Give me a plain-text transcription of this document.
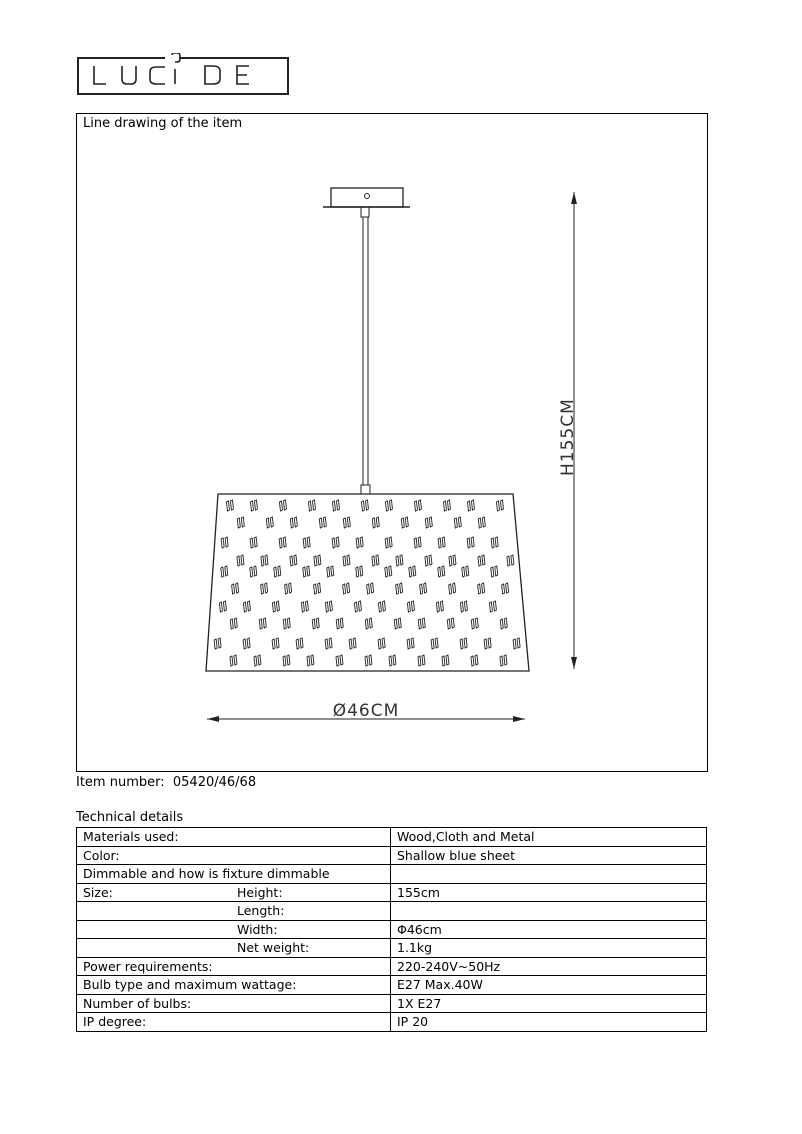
Line drawing of the item
H155CM
Ø46CM
Item number: 05420/46/68
Technical details
Materials used:	Wood,Cloth and Metal
Color:	Shallow blue sheet
Dimmable and how is fixture dimmable

Size: Height:	155cm

Length:	

Width:	Φ46cm

Net weight:	1.1kg
Power requirements:	220-240V~50Hz
Bulb type and maximum wattage:	E27 Max.40W
Number of bulbs:	1X E27
IP degree:	IP 20
